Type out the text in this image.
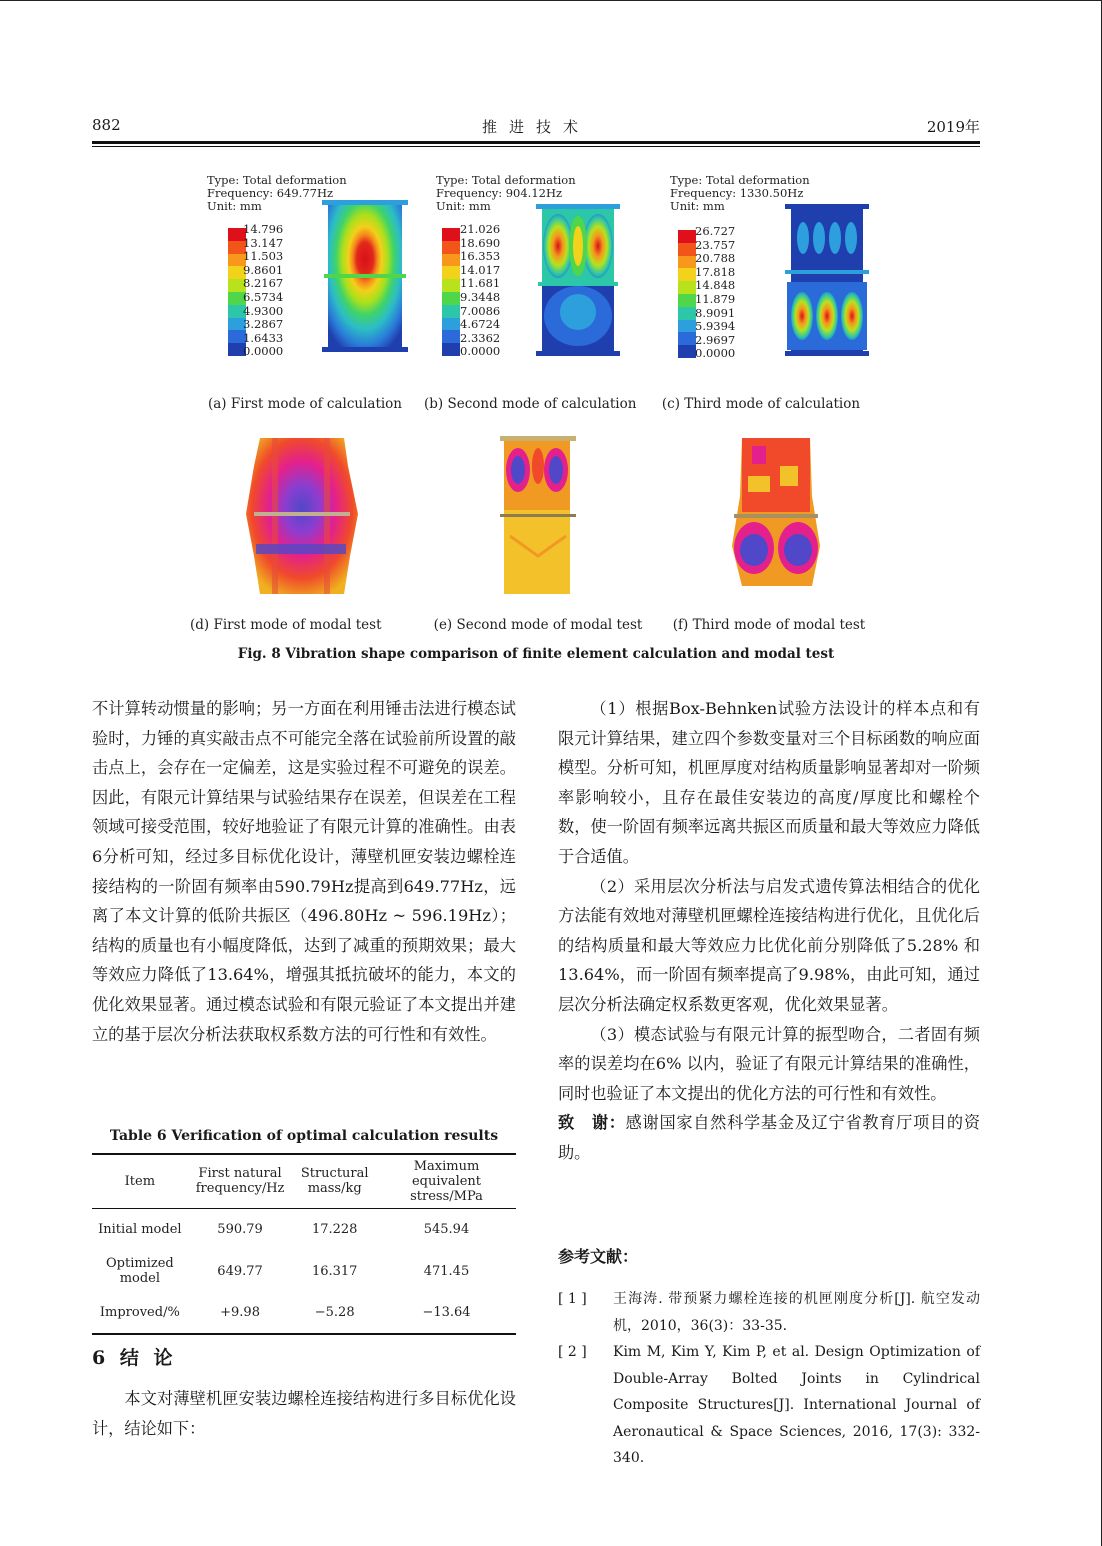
882	推进技术	2019年
Type: Total deformation
Frequency: 649.77Hz
Unit: mm
14.796
13.147
11.503
9.8601
8.2167
6.5734
4.9300
3.2867
1.6433
0.0000
(a) First mode of calculation
Type: Total deformation
Frequency: 904.12Hz
Unit: mm
21.026
18.690
16.353
14.017
11.681
9.3448
7.0086
4.6724
2.3362
0.0000
(b) Second mode of calculation
Type: Total deformation
Frequency: 1330.50Hz
Unit: mm
26.727
23.757
20.788
17.818
14.848
11.879
8.9091
5.9394
2.9697
0.0000
(c) Third mode of calculation
(d) First mode of modal test	(e) Second mode of modal test	(f) Third mode of modal test
Fig. 8 Vibration shape comparison of finite element calculation and modal test

不计算转动惯量的影响；另一方面在利用锤击法进行模态试验时，力锤的真实敲击点不可能完全落在试验前所设置的敲击点上，会存在一定偏差，这是实验过程不可避免的误差。因此，有限元计算结果与试验结果存在误差，但误差在工程领域可接受范围，较好地验证了有限元计算的准确性。由表6分析可知，经过多目标优化设计，薄壁机匣安装边螺栓连接结构的一阶固有频率由590.79Hz提高到649.77Hz，远离了本文计算的低阶共振区（496.80Hz ~ 596.19Hz）；结构的质量也有小幅度降低，达到了减重的预期效果；最大等效应力降低了13.64%，增强其抵抗破坏的能力，本文的优化效果显著。通过模态试验和有限元验证了本文提出并建立的基于层次分析法获取权系数方法的可行性和有效性。

Table 6 Verification of optimal calculation results
Item	First natural frequency/Hz	Structural mass/kg	Maximum equivalent stress/MPa
Initial model	590.79	17.228	545.94
Optimized model	649.77	16.317	471.45
Improved/%	+9.98	−5.28	−13.64
6 结 论

本文对薄壁机匣安装边螺栓连接结构进行多目标优化设计，结论如下：

（1）根据Box-Behnken试验方法设计的样本点和有限元计算结果，建立四个参数变量对三个目标函数的响应面模型。分析可知，机匣厚度对结构质量影响显著却对一阶频率影响较小，且存在最佳安装边的高度/厚度比和螺栓个数，使一阶固有频率远离共振区而质量和最大等效应力降低于合适值。

（2）采用层次分析法与启发式遗传算法相结合的优化方法能有效地对薄壁机匣螺栓连接结构进行优化，且优化后的结构质量和最大等效应力比优化前分别降低了5.28% 和13.64%，而一阶固有频率提高了9.98%，由此可知，通过层次分析法确定权系数更客观，优化效果显著。

（3）模态试验与有限元计算的振型吻合，二者固有频率的误差均在6% 以内，验证了有限元计算结果的准确性，同时也验证了本文提出的优化方法的可行性和有效性。

致　谢：感谢国家自然科学基金及辽宁省教育厅项目的资助。

参考文献：
[ 1 ] 王海涛. 带预紧力螺栓连接的机匣刚度分析[J]. 航空发动机，2010，36(3)：33-35.
[ 2 ] Kim M, Kim Y, Kim P, et al. Design Optimization of Double-Array Bolted Joints in Cylindrical Composite Structures[J]. International Journal of Aeronautical & Space Sciences, 2016, 17(3): 332-340.
